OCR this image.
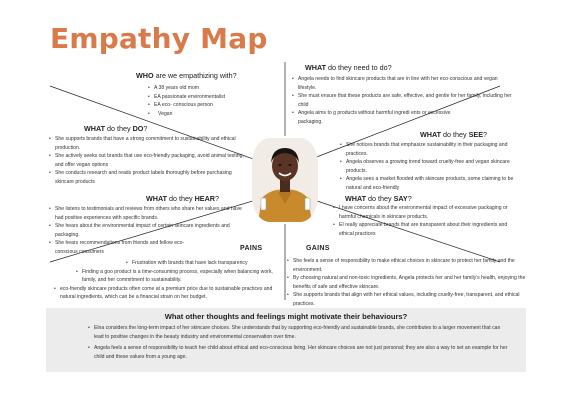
Empathy Map
WHO are we empathizing with?
• A 38 years old mom
• EA passionate environmentalist
• EA eco- conscious person
• Vegan
WHAT do they need to do?
• Angela needs to find skincare products that are in line with her eco-conscious and vegan lifestyle.
• She must ensure that these products are safe, effective, and gentle for her family, including her child
• Angela aims to g products without harmful ingredi ents or excessive packaging.
WHAT do they DO?
• She supports brands that have a strong commitment to sustainability and ethical production.
• She actively seeks out brands that use eco-friendly packaging, avoid animal testing, and offer vegan options
• She conducts research and reads product labels thoroughly before purchasing skincare products
WHAT do they SEE?
• She notices brands that emphasize sustainability in their packaging and practices.
• Angela observes a growing trend toward cruelty-free and vegan skincare products.
• Angela sees a market flooded with skincare products, some claiming to be natural and eco-friendly
WHAT do they HEAR?
• She listens to testimonials and reviews from others who share her values and have had positive experiences with specific brands.
• She hears about the environmental impact of certain skincare ingredients and packaging.
• She hears recommendations from friends and fellow eco-conscious consumers
WHAT do they SAY?
• I have concerns about the environmental impact of excessive packaging or harmful chemicals in skincare products.
• EI really appreciate brands that are transparent about their ingredients and ethical practices
PAINS
• Frustration with brands that have lack transparency
• Finding a goo product is a time-consuming process, especially when balancing work, family, and her commitment to sustainability.
• eco-friendly skincare products often come at a premium price due to sustainable practices and natural ingredients, which can be a financial strain on her budget.
GAINS
• She feels a sense of responsibility to make ethical choices in skincare to protect her family and the environment.
• By choosing natural and non-toxic ingredients, Angela protects her and her family's health, enjoying the benefits of safe and effective skincare.
• She supports brands that align with her ethical values, including cruelty-free, transparent, and ethical practices.
What other thoughts and feelings might motivate their behaviours?
• Elna considers the long-term impact of her skincare choices. She understands that by supporting eco-friendly and sustainable brands, she contributes to a larger movement that can lead to positive changes in the beauty industry and environmental conservation over time.
• Angela feels a sense of responsibility to teach her child about ethical and eco-conscious living. Her skincare choices are not just personal; they are also a way to set an example for her child and these values from a young age.
